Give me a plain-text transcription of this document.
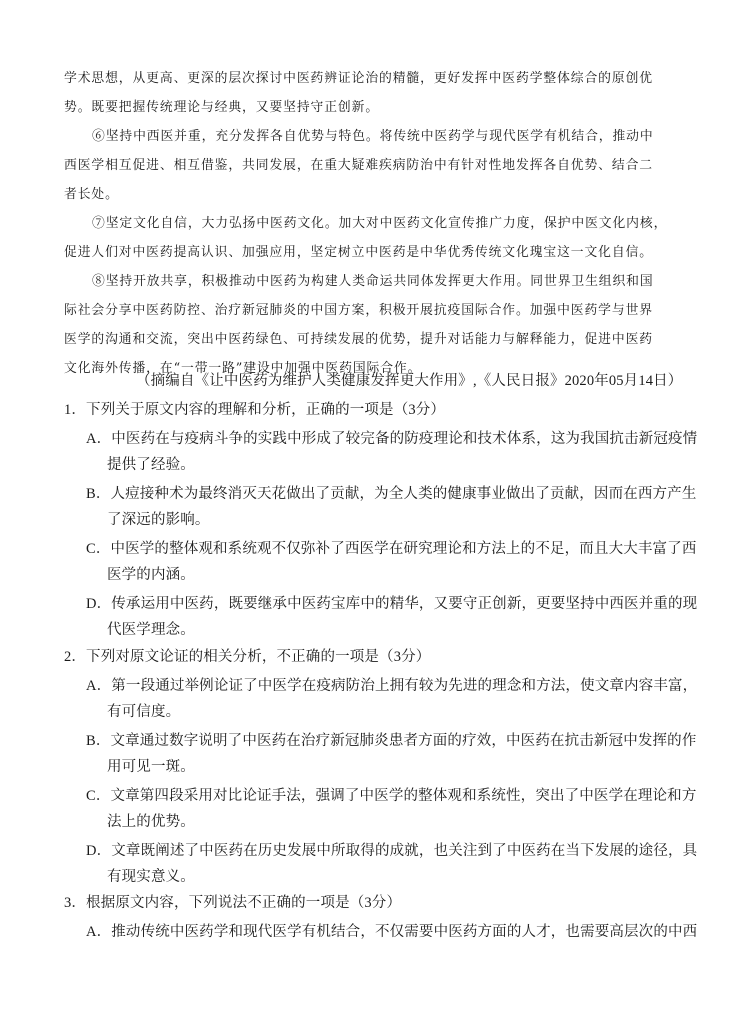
学术思想，从更高、更深的层次探讨中医药辨证论治的精髓，更好发挥中医药学整体综合的原创优
势。既要把握传统理论与经典，又要坚持守正创新。
⑥坚持中西医并重，充分发挥各自优势与特色。将传统中医药学与现代医学有机结合，推动中
西医学相互促进、相互借鉴，共同发展，在重大疑难疾病防治中有针对性地发挥各自优势、结合二
者长处。
⑦坚定文化自信，大力弘扬中医药文化。加大对中医药文化宣传推广力度，保护中医文化内核，
促进人们对中医药提高认识、加强应用，坚定树立中医药是中华优秀传统文化瑰宝这一文化自信。
⑧坚持开放共享，积极推动中医药为构建人类命运共同体发挥更大作用。同世界卫生组织和国
际社会分享中医药防控、治疗新冠肺炎的中国方案，积极开展抗疫国际合作。加强中医药学与世界
医学的沟通和交流，突出中医药绿色、可持续发展的优势，提升对话能力与解释能力，促进中医药
文化海外传播，在“一带一路”建设中加强中医药国际合作。
（摘编自《让中医药为维护人类健康发挥更大作用》,《人民日报》2020年05月14日）
1．下列关于原文内容的理解和分析，正确的一项是（3分）
A．中医药在与疫病斗争的实践中形成了较完备的防疫理论和技术体系，这为我国抗击新冠疫情
提供了经验。
B．人痘接种术为最终消灭天花做出了贡献，为全人类的健康事业做出了贡献，因而在西方产生
了深远的影响。
C．中医学的整体观和系统观不仅弥补了西医学在研究理论和方法上的不足，而且大大丰富了西
医学的内涵。
D．传承运用中医药，既要继承中医药宝库中的精华，又要守正创新，更要坚持中西医并重的现
代医学理念。
2．下列对原文论证的相关分析，不正确的一项是（3分）
A．第一段通过举例论证了中医学在疫病防治上拥有较为先进的理念和方法，使文章内容丰富，
有可信度。
B．文章通过数字说明了中医药在治疗新冠肺炎患者方面的疗效，中医药在抗击新冠中发挥的作
用可见一斑。
C．文章第四段采用对比论证手法，强调了中医学的整体观和系统性，突出了中医学在理论和方
法上的优势。
D．文章既阐述了中医药在历史发展中所取得的成就，也关注到了中医药在当下发展的途径，具
有现实意义。
3．根据原文内容，下列说法不正确的一项是（3分）
A．推动传统中医药学和现代医学有机结合，不仅需要中医药方面的人才，也需要高层次的中西
